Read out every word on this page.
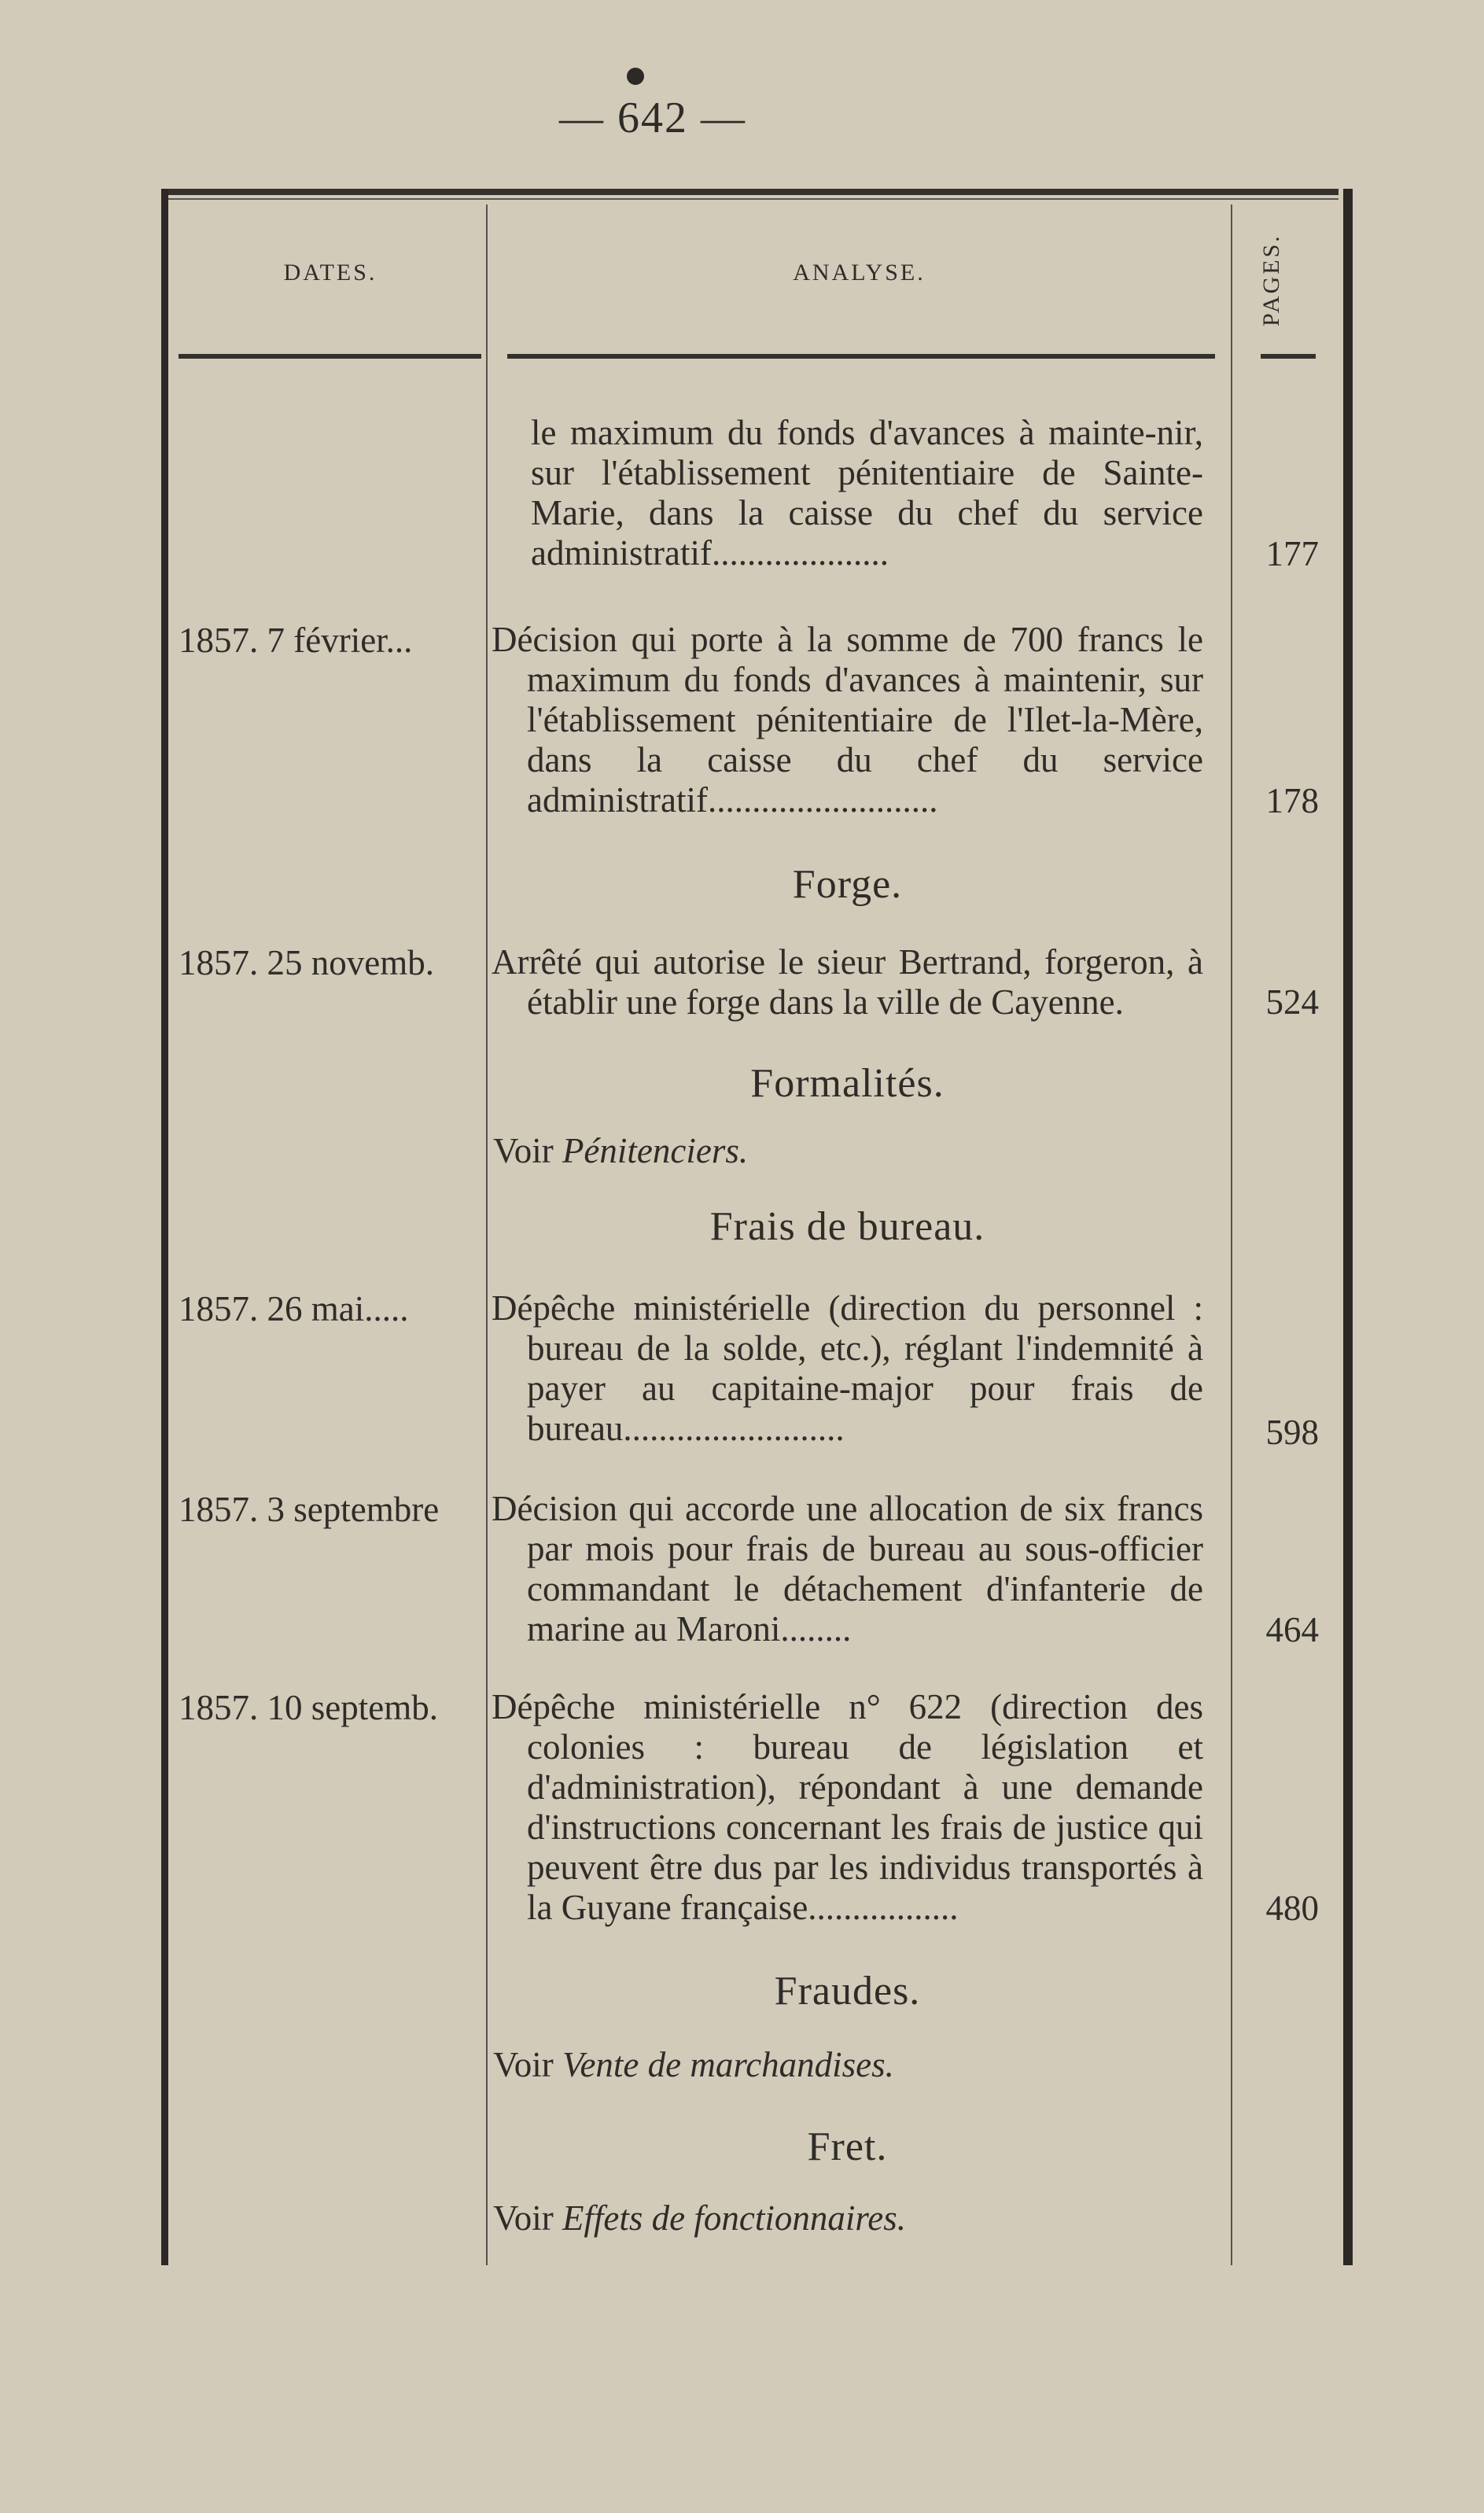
— 642 —
DATES.	ANALYSE.	PAGES.
le maximum du fonds d'avances à mainte-nir, sur l'établissement pénitentiaire de Sainte-Marie, dans la caisse du chef du service administratif....................	177
1857. 7 février... Décision qui porte à la somme de 700 francs le maximum du fonds d'avances à maintenir, sur l'établissement pénitentiaire de l'Ilet-la-Mère, dans la caisse du chef du service administratif..........................	178
Forge.
1857. 25 novemb. Arrêté qui autorise le sieur Bertrand, forgeron, à établir une forge dans la ville de Cayenne.	524
Formalités.
Voir Pénitenciers.
Frais de bureau.
1857. 26 mai..... Dépêche ministérielle (direction du personnel : bureau de la solde, etc.), réglant l'indemnité à payer au capitaine-major pour frais de bureau.........................	598
1857. 3 septembre Décision qui accorde une allocation de six francs par mois pour frais de bureau au sous-officier commandant le détachement d'infanterie de marine au Maroni........	464
1857. 10 septemb. Dépêche ministérielle n° 622 (direction des colonies : bureau de législation et d'administration), répondant à une demande d'instructions concernant les frais de justice qui peuvent être dus par les individus transportés à la Guyane française.................	480
Fraudes.
Voir Vente de marchandises.
Fret.
Voir Effets de fonctionnaires.
